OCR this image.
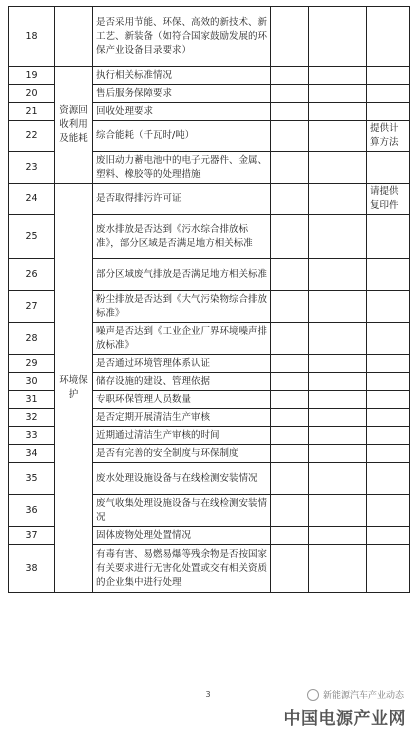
18		是否采用节能、环保、高效的新技术、新工艺、新装备（如符合国家鼓励发展的环保产业设备目录要求）			
19	资源回收利用及能耗	执行相关标准情况			
20		售后服务保障要求			
21		回收处理要求			
22		综合能耗（千瓦时/吨）			提供计算方法
23		废旧动力蓄电池中的电子元器件、金属、塑料、橡胶等的处理措施			
24	环境保护	是否取得排污许可证			请提供复印件
25		废水排放是否达到《污水综合排放标准》，部分区域是否满足地方相关标准			
26		部分区域废气排放是否满足地方相关标准			
27		粉尘排放是否达到《大气污染物综合排放标准》			
28		噪声是否达到《工业企业厂界环境噪声排放标准》			
29		是否通过环境管理体系认证			
30		储存设施的建设、管理依据			
31		专职环保管理人员数量			
32		是否定期开展清洁生产审核			
33		近期通过清洁生产审核的时间			
34		是否有完善的安全制度与环保制度			
35		废水处理设施设备与在线检测安装情况			
36		废气收集处理设施设备与在线检测安装情况			
37		固体废物处理处置情况			
38		有毒有害、易燃易爆等残余物是否按国家有关要求进行无害化处置或交有相关资质的企业集中进行处理			
3	新能源汽车产业动态
中国电源产业网
